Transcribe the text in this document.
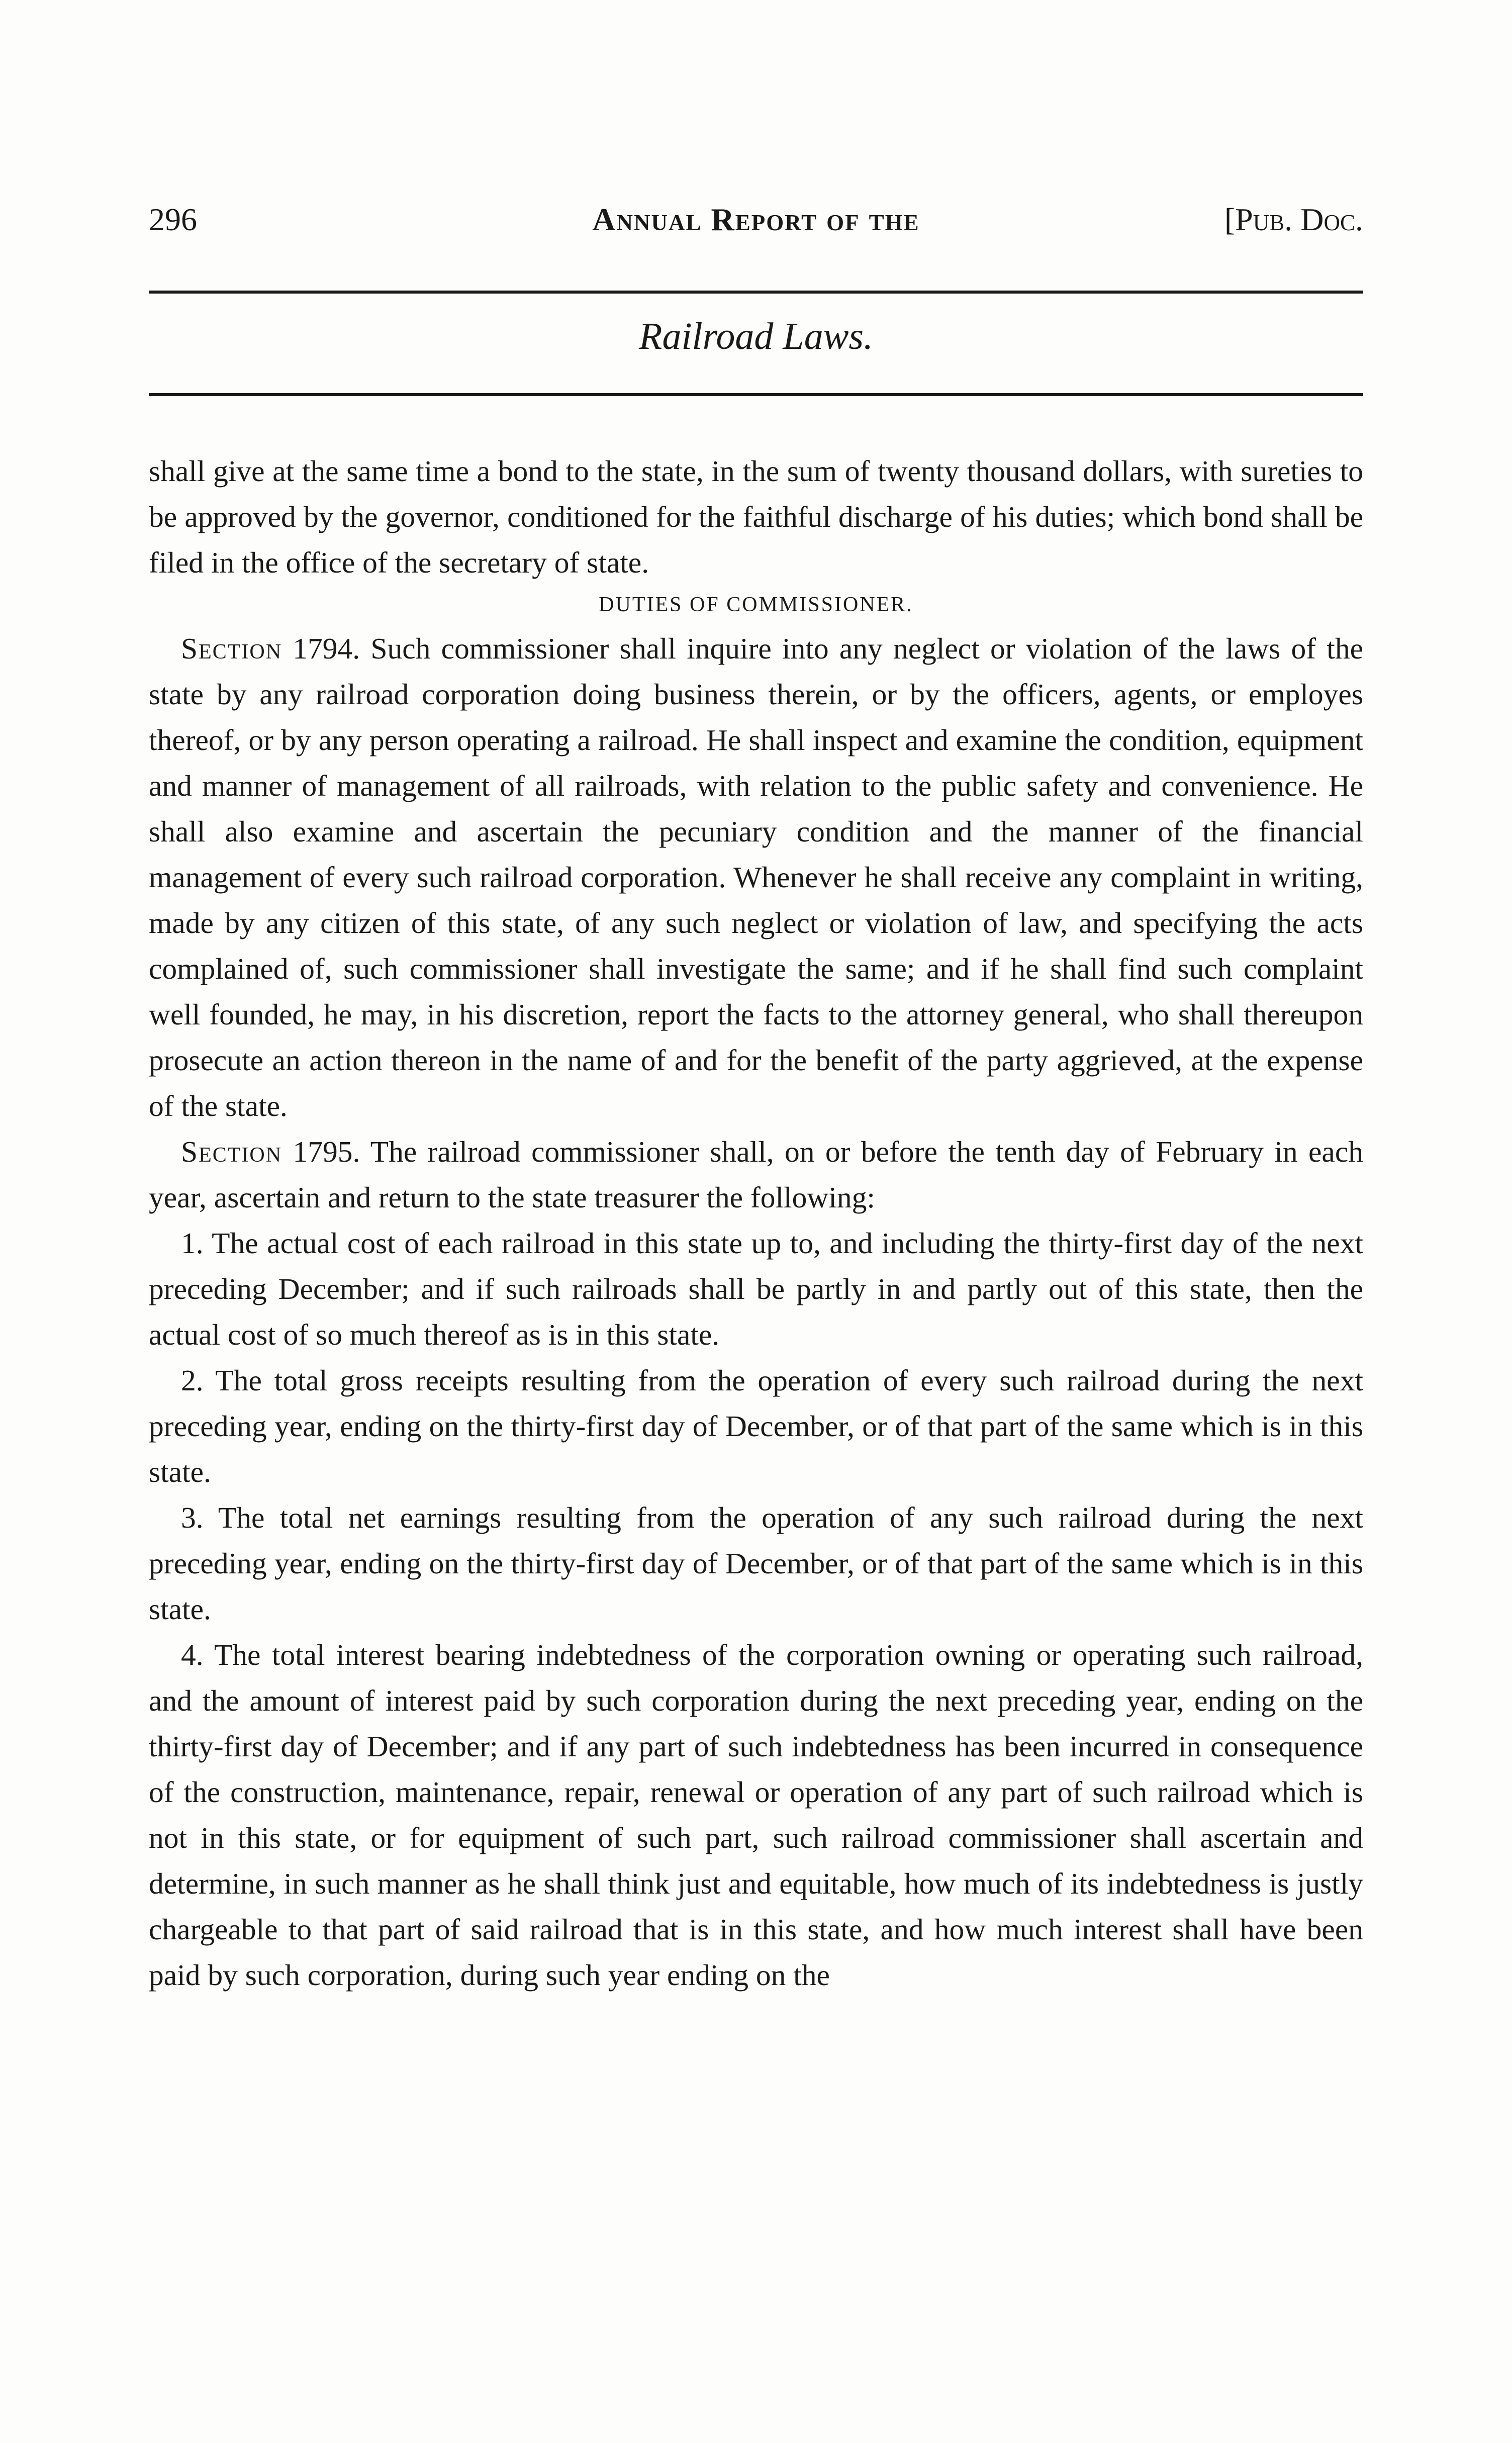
296	Annual Report of the	[Pub. Doc.
Railroad Laws.

shall give at the same time a bond to the state, in the sum of twenty thousand dollars, with sureties to be approved by the governor, conditioned for the faithful discharge of his duties; which bond shall be filed in the office of the secretary of state.

DUTIES OF COMMISSIONER.

Section 1794. Such commissioner shall inquire into any neglect or violation of the laws of the state by any railroad corporation doing business therein, or by the officers, agents, or employes thereof, or by any person operating a railroad. He shall inspect and examine the condition, equipment and manner of management of all railroads, with relation to the public safety and convenience. He shall also examine and ascertain the pecuniary condition and the manner of the financial management of every such railroad corporation. Whenever he shall receive any complaint in writing, made by any citizen of this state, of any such neglect or violation of law, and specifying the acts complained of, such commissioner shall investigate the same; and if he shall find such complaint well founded, he may, in his discretion, report the facts to the attorney general, who shall thereupon prosecute an action thereon in the name of and for the benefit of the party aggrieved, at the expense of the state.

Section 1795. The railroad commissioner shall, on or before the tenth day of February in each year, ascertain and return to the state treasurer the following:

1. The actual cost of each railroad in this state up to, and including the thirty-first day of the next preceding December; and if such railroads shall be partly in and partly out of this state, then the actual cost of so much thereof as is in this state.

2. The total gross receipts resulting from the operation of every such railroad during the next preceding year, ending on the thirty-first day of December, or of that part of the same which is in this state.

3. The total net earnings resulting from the operation of any such railroad during the next preceding year, ending on the thirty-first day of December, or of that part of the same which is in this state.

4. The total interest bearing indebtedness of the corporation owning or operating such railroad, and the amount of interest paid by such corporation during the next preceding year, ending on the thirty-first day of December; and if any part of such indebtedness has been incurred in consequence of the construction, maintenance, repair, renewal or operation of any part of such railroad which is not in this state, or for equipment of such part, such railroad commissioner shall ascertain and determine, in such manner as he shall think just and equitable, how much of its indebtedness is justly chargeable to that part of said railroad that is in this state, and how much interest shall have been paid by such corporation, during such year ending on the
